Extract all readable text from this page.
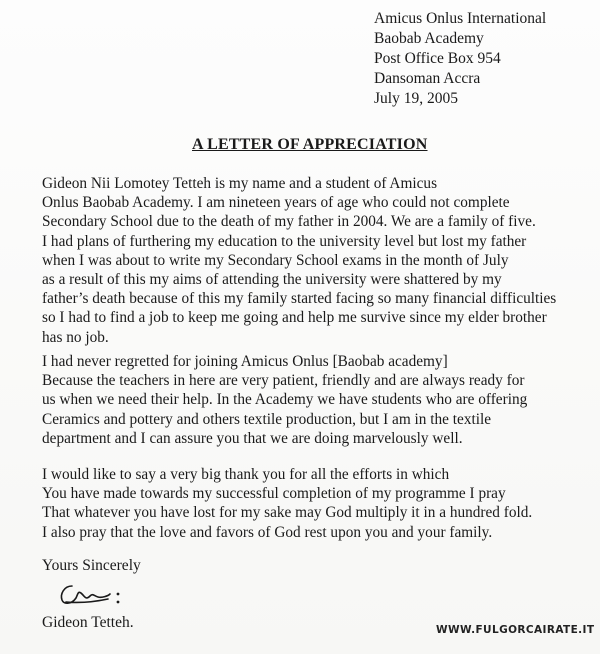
Amicus Onlus International
Baobab Academy
Post Office Box 954
Dansoman Accra
July 19, 2005
A LETTER OF APPRECIATION
Gideon Nii Lomotey Tetteh is my name and a student of Amicus
Onlus Baobab Academy. I am nineteen years of age who could not complete
Secondary School due to the death of my father in 2004. We are a family of five.
I had plans of furthering my education to the university level but lost my father
when I was about to write my Secondary School exams in the month of July
as a result of this my aims of attending the university were shattered by my
father’s death because of this my family started facing so many financial difficulties
so I had to find a job to keep me going and help me survive since my elder brother
has no job.
I had never regretted for joining Amicus Onlus [Baobab academy]
Because the teachers in here are very patient, friendly and are always ready for
us when we need their help. In the Academy we have students who are offering
Ceramics and pottery and others textile production, but I am in the textile
department and I can assure you that we are doing marvelously well.
I would like to say a very big thank you for all the efforts in which
You have made towards my successful completion of my programme I pray
That whatever you have lost for my sake may God multiply it in a hundred fold.
I also pray that the love and favors of God rest upon you and your family.
Yours Sincerely
Gideon Tetteh.	WWW.FULGORCAIRATE.IT
